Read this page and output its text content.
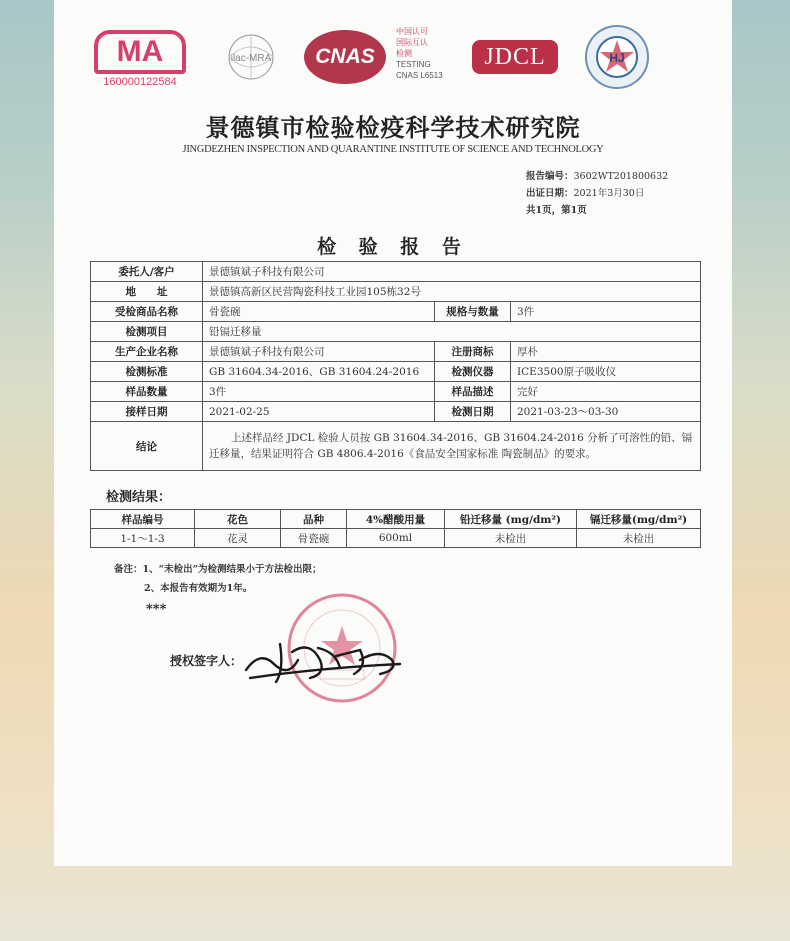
MA
160000122584
ilac-MRA	CNAS
中国认可
国际互认
检测
TESTING
CNAS L6513
JDCL	HJ
景德镇市检验检疫科学技术研究院
JINGDEZHEN INSPECTION AND QUARANTINE INSTITUTE OF SCIENCE AND TECHNOLOGY
报告编号：3602WT201800632
出证日期：2021年3月30日
共1页，第1页
检 验 报 告
委托人/客户	景德镇斌子科技有限公司		
地　　址	景德镇高新区民营陶瓷科技工业园105栋32号		
受检商品名称	骨瓷碗	规格与数量	3件
检测项目	铅镉迁移量		
生产企业名称	景德镇斌子科技有限公司	注册商标	厚朴
检测标准	GB 31604.34-2016、GB 31604.24-2016	检测仪器	ICE3500原子吸收仪
样品数量	3件	样品描述	完好
接样日期	2021-02-25	检测日期	2021-03-23～03-30
结论	上述样品经 JDCL 检验人员按 GB 31604.34-2016、GB 31604.24-2016 分析了可溶性的铅、镉迁移量，结果证明符合 GB 4806.4-2016《食品安全国家标准 陶瓷制品》的要求。		
检测结果：
样品编号	花色	品种	4%醋酸用量	铅迁移量 (mg/dm²)	镉迁移量(mg/dm²)
1-1～1-3	花灵	骨瓷碗	600ml	未检出	未检出
备注：1、“未检出”为检测结果小于方法检出限；
2、本报告有效期为1年。
***
授权签字人：
